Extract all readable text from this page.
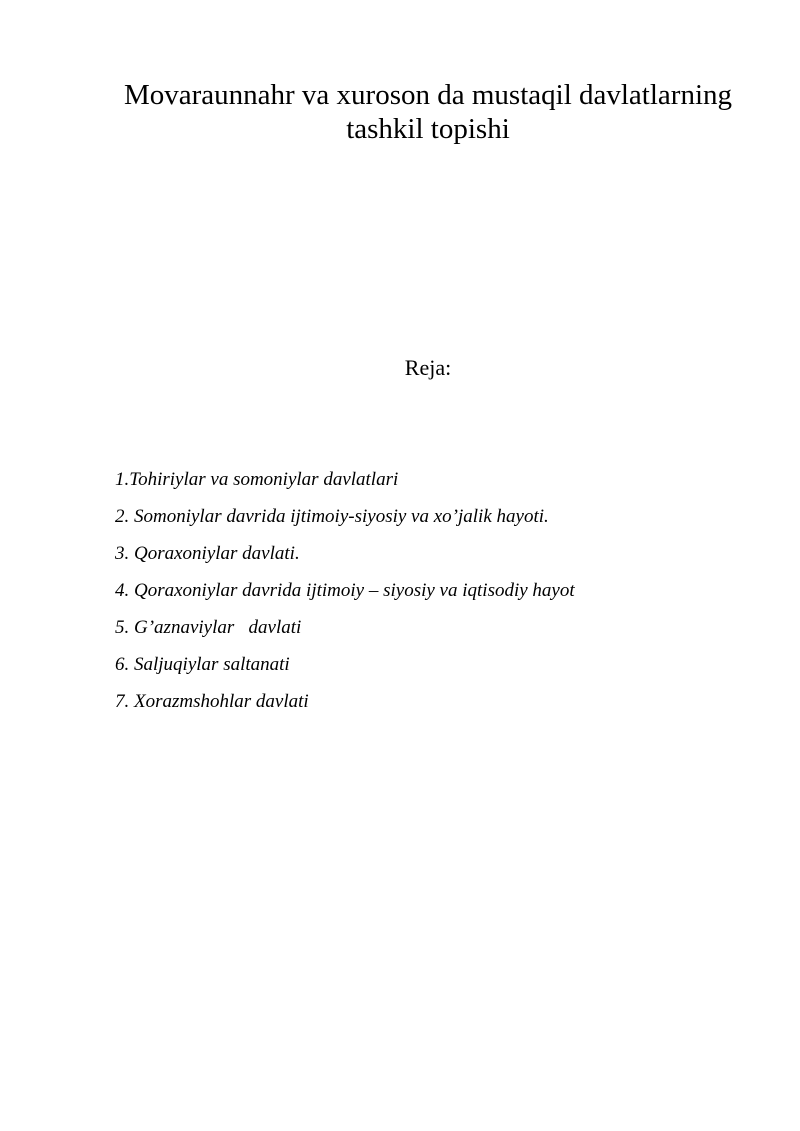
Movaraunnahr va xuroson da mustaqil davlatlarning
tashkil topishi
Reja:
1.Tohiriylar va somoniylar davlatlari
2. Somoniylar davrida ijtimoiy-siyosiy va xo’jalik hayoti.
3. Qoraxoniylar davlati.
4. Qoraxoniylar davrida ijtimoiy – siyosiy va iqtisodiy hayot
5. G’aznaviylar   davlati
6. Saljuqiylar saltanati
7. Xorazmshohlar davlati
